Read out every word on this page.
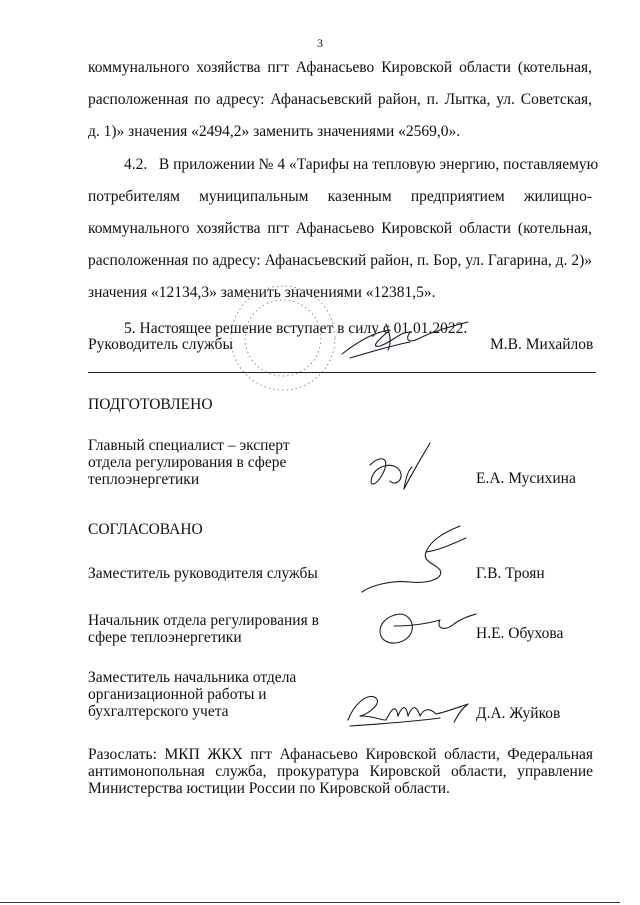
3
коммунального хозяйства пгт Афанасьево Кировской области (котельная,
расположенная по адресу: Афанасьевский район, п. Лытка, ул. Советская,
д. 1)» значения «2494,2» заменить значениями «2569,0».
4.2.   В приложении № 4 «Тарифы на тепловую энергию, поставляемую
потребителям муниципальным казенным предприятием жилищно-
коммунального хозяйства пгт Афанасьево Кировской области (котельная,
расположенная по адресу: Афанасьевский район, п. Бор, ул. Гагарина, д. 2)»
значения «12134,3» заменить значениями «12381,5».
5. Настоящее решение вступает в силу с 01.01.2022.
Руководитель службы	М.В. Михайлов
ПОДГОТОВЛЕНО
Главный специалист – эксперт отдела регулирования в сфере теплоэнергетики	Е.А. Мусихина
СОГЛАСОВАНО
Заместитель руководителя службы	Г.В. Троян
Начальник отдела регулирования в сфере теплоэнергетики	Н.Е. Обухова
Заместитель начальника отдела организационной работы и бухгалтерского учета	Д.А. Жуйков
Разослать: МКП ЖКХ пгт Афанасьево Кировской области, Федеральная антимонопольная служба, прокуратура Кировской области, управление Министерства юстиции России по Кировской области.
